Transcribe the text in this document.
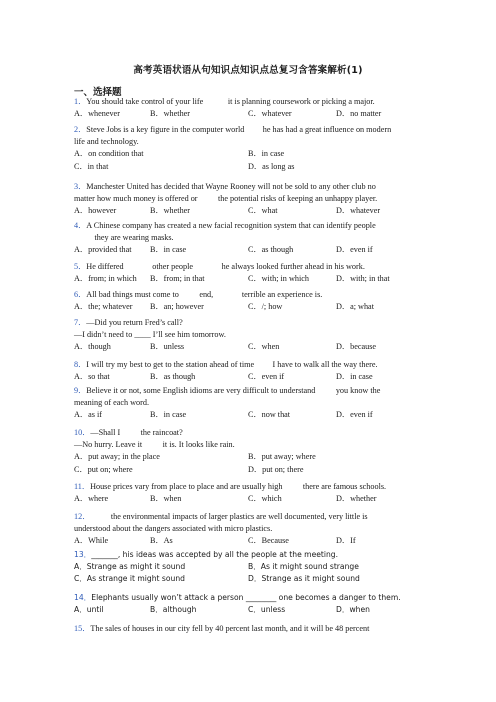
高考英语状语从句知识点知识点总复习含答案解析(1)
一、选择题
1．You should take control of your life            it is planning coursework or picking a major.
A．whenever	B．whether	C．whatever	D．no matter
2．Steve Jobs is a key figure in the computer world         he has had a great influence on modern
life and technology.
A．on condition that	B．in case
C．in that	D．as long as
3．Manchester United has decided that Wayne Rooney will not be sold to any other club no
matter how much money is offered or          the potential risks of keeping an unhappy player.
A．however	B．whether	C．what	D．whatever
4．A Chinese company has created a new facial recognition system that can identify people
they are wearing masks.
A．provided that B．in case	C．as though	D．even if
5．He differed              other people              he always looked further ahead in his work.
A．from; in which B．from; in that	C．with; in which	D．with; in that
6．All bad things must come to          end,              terrible an experience is.
A．the; whatever B．an; however	C．/; how	D．a; what
7．—Did you return Fred’s call?
—I didn’t need to ____ I’ll see him tomorrow.
A．though	B．unless	C．when	D．because
8．I will try my best to get to the station ahead of time         I have to walk all the way there.
A．so that	B．as though	C．even if	D．in case
9．Believe it or not, some English idioms are very difficult to understand          you know the
meaning of each word.
A．as if	B．in case	C．now that	D．even if
10．—Shall I          the raincoat?
—No hurry. Leave it          it is. It looks like rain.
A．put away; in the place	B．put away; where
C．put on; where	D．put on; there
11．House prices vary from place to place and are usually high          there are famous schools.
A．where	B．when	C．which	D．whether
12．          the environmental impacts of larger plastics are well documented, very little is
understood about the dangers associated with micro plastics.
A．While	B．As	C．Because	D．If
13．_______, his ideas was accepted by all the people at the meeting.
A．Strange as might it sound	B．As it might sound strange
C．As strange it might sound	D．Strange as it might sound
14．Elephants usually won’t attack a person ________ one becomes a danger to them.
A．until	B．although	C．unless	D．when
15．The sales of houses in our city fell by 40 percent last month, and it will be 48 percent
